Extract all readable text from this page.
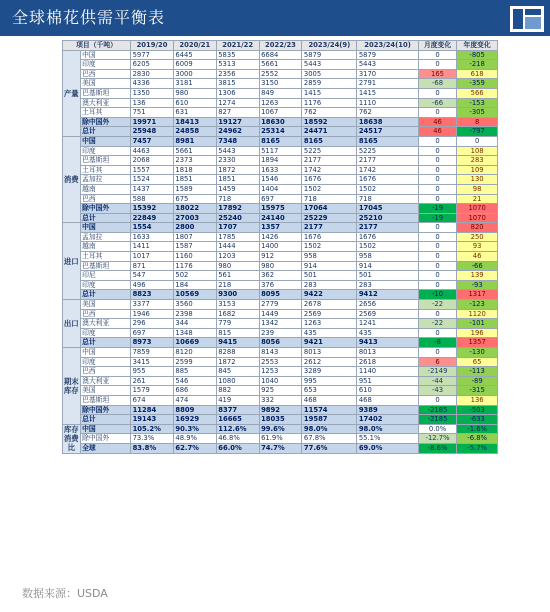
全球棉花供需平衡表
项目（千吨）		2019/20	2020/21	2021/22	2022/23	2023/24(9)	2023/24(10)	月度变化	年度变化
产量	中国	5977	6445	5835	6684	5879	5879	0	-805
	印度	6205	6009	5313	5661	5443	5443	0	-218
	巴西	2830	3000	2356	2552	3005	3170	165	618
	美国	4336	3181	3815	3150	2859	2791	-68	-359
	巴基斯坦	1350	980	1306	849	1415	1415	0	566
	澳大利亚	136	610	1274	1263	1176	1110	-66	-153
	土耳其	751	631	827	1067	762	762	0	-305
	除中国外	19971	18413	19127	18630	18592	18638	46	8
	总计	25948	24858	24962	25314	24471	24517	46	-797
消费	中国	7457	8981	7348	8165	8165	8165	0	0
	印度	4463	5661	5443	5117	5225	5225	0	108
	巴基斯坦	2068	2373	2330	1894	2177	2177	0	283
	土耳其	1557	1818	1872	1633	1742	1742	0	109
	孟加拉	1524	1851	1851	1546	1676	1676	0	130
	越南	1437	1589	1459	1404	1502	1502	0	98
	巴西	588	675	718	697	718	718	0	21
	除中国外	15392	18022	17892	15975	17064	17045	-19	1070
	总计	22849	27003	25240	24140	25229	25210	-19	1070
进口	中国	1554	2800	1707	1357	2177	2177	0	820
	孟加拉	1633	1807	1785	1426	1676	1676	0	250
	越南	1411	1587	1444	1400	1502	1502	0	93
	土耳其	1017	1160	1203	912	958	958	0	46
	巴基斯坦	871	1176	980	980	914	914	0	-66
	印尼	547	502	561	362	501	501	0	139
	印度	496	184	218	376	283	283	0	-93
	总计	8823	10569	9300	8095	9422	9412	-10	1317
出口	美国	3377	3560	3153	2779	2678	2656	-22	-123
	巴西	1946	2398	1682	1449	2569	2569	0	1120
	澳大利亚	296	344	779	1342	1263	1241	-22	-101
	印度	697	1348	815	239	435	435	0	196
	总计	8973	10669	9415	8056	9421	9413	-8	1357
期末库存	中国	7859	8120	8288	8143	8013	8013	0	-130
	印度	3415	2599	1872	2553	2612	2618	6	65
	巴西	955	885	845	1253	3289	1140	-2149	-113
	澳大利亚	261	546	1080	1040	995	951	-44	-89
	美国	1579	686	882	925	653	610	-43	-315
	巴基斯坦	674	474	419	332	468	468	0	136
	除中国外	11284	8809	8377	9892	11574	9389	-2185	-503
	总计	19143	16929	16665	18035	19587	17402	-2185	-633
库存消费比	中国	105.2%	90.3%	112.6%	99.6%	98.0%	98.0%	0.0%	-1.6%
	除中国外	73.3%	48.9%	46.8%	61.9%	67.8%	55.1%	-12.7%	-6.8%
	全球	83.8%	62.7%	66.0%	74.7%	77.6%	69.0%	-8.6%	-5.7%
数据来源：USDA
